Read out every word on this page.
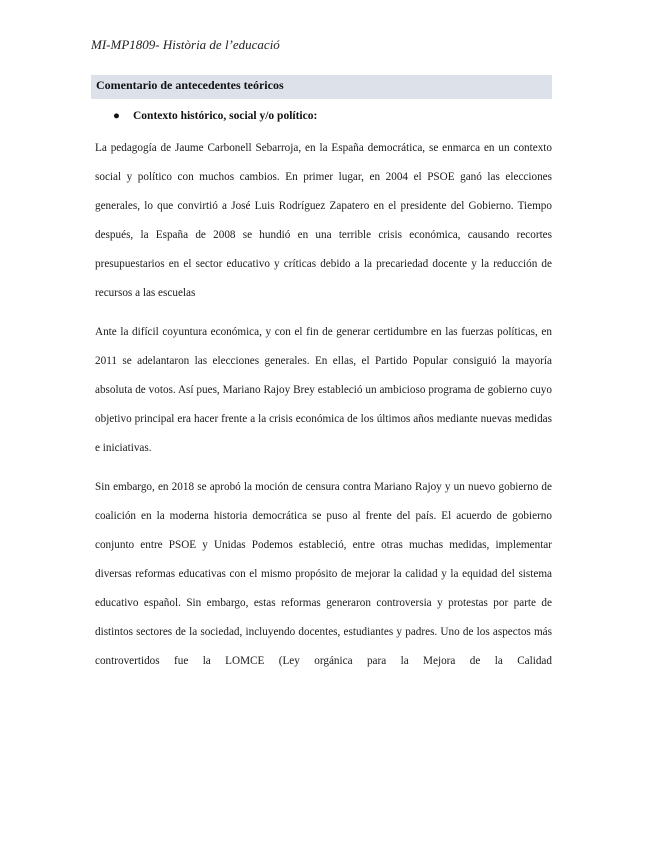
MI-MP1809- Història de l’educació
Comentario de antecedentes teóricos
● Contexto histórico, social y/o político:

La pedagogía de Jaume Carbonell Sebarroja, en la España democrática, se enmarca en un contexto social y político con muchos cambios. En primer lugar, en 2004 el PSOE ganó las elecciones generales, lo que convirtió a José Luis Rodríguez Zapatero en el presidente del Gobierno. Tiempo después, la España de 2008 se hundió en una terrible crisis económica, causando recortes presupuestarios en el sector educativo y críticas debido a la precariedad docente y la reducción de recursos a las escuelas

Ante la difícil coyuntura económica, y con el fin de generar certidumbre en las fuerzas políticas, en 2011 se adelantaron las elecciones generales. En ellas, el Partido Popular consiguió la mayoría absoluta de votos. Así pues, Mariano Rajoy Brey estableció un ambicioso programa de gobierno cuyo objetivo principal era hacer frente a la crisis económica de los últimos años mediante nuevas medidas e iniciativas.

Sin embargo, en 2018 se aprobó la moción de censura contra Mariano Rajoy y un nuevo gobierno de coalición en la moderna historia democrática se puso al frente del país. El acuerdo de gobierno conjunto entre PSOE y Unidas Podemos estableció, entre otras muchas medidas, implementar diversas reformas educativas con el mismo propósito de mejorar la calidad y la equidad del sistema educativo español. Sin embargo, estas reformas generaron controversia y protestas por parte de distintos sectores de la sociedad, incluyendo docentes, estudiantes y padres. Uno de los aspectos más controvertidos fue la LOMCE (Ley orgánica para la Mejora de la Calidad
